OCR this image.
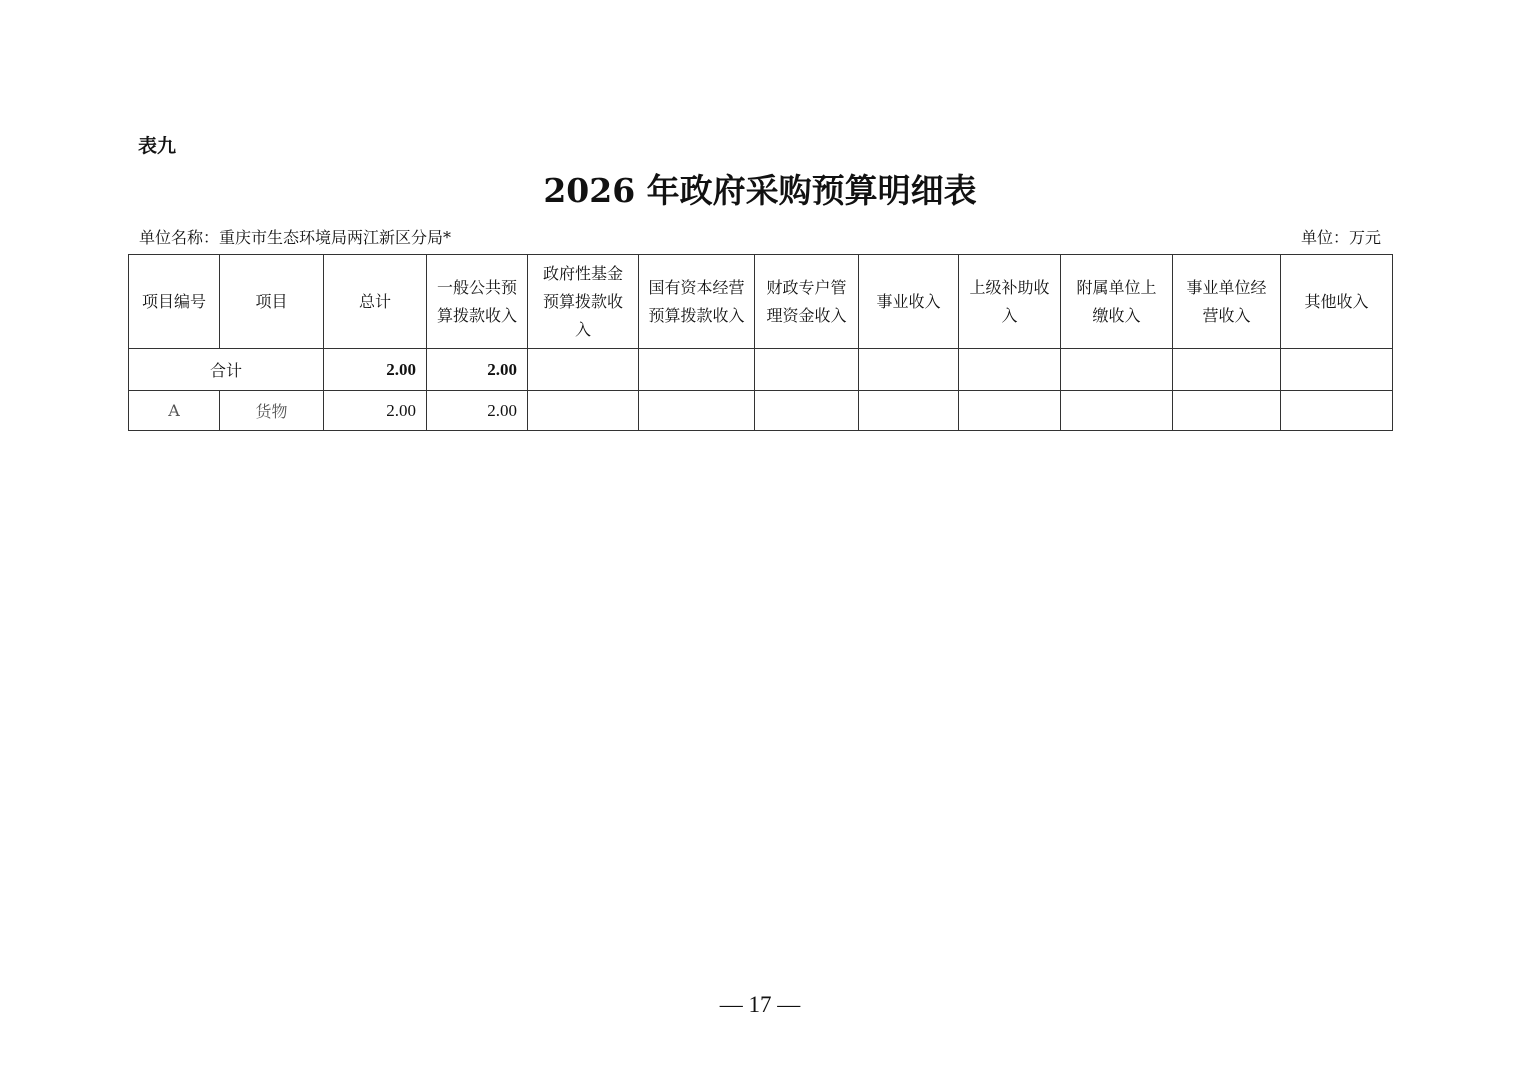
表九
2026 年政府采购预算明细表
单位名称：重庆市生态环境局两江新区分局*	单位：万元
项目编号	项目	总计	一般公共预算拨款收入	政府性基金预算拨款收入	国有资本经营预算拨款收入	财政专户管理资金收入	事业收入	上级补助收入	附属单位上缴收入	事业单位经营收入	其他收入
合计		2.00	2.00								
A	货物	2.00	2.00								
— 17 —
